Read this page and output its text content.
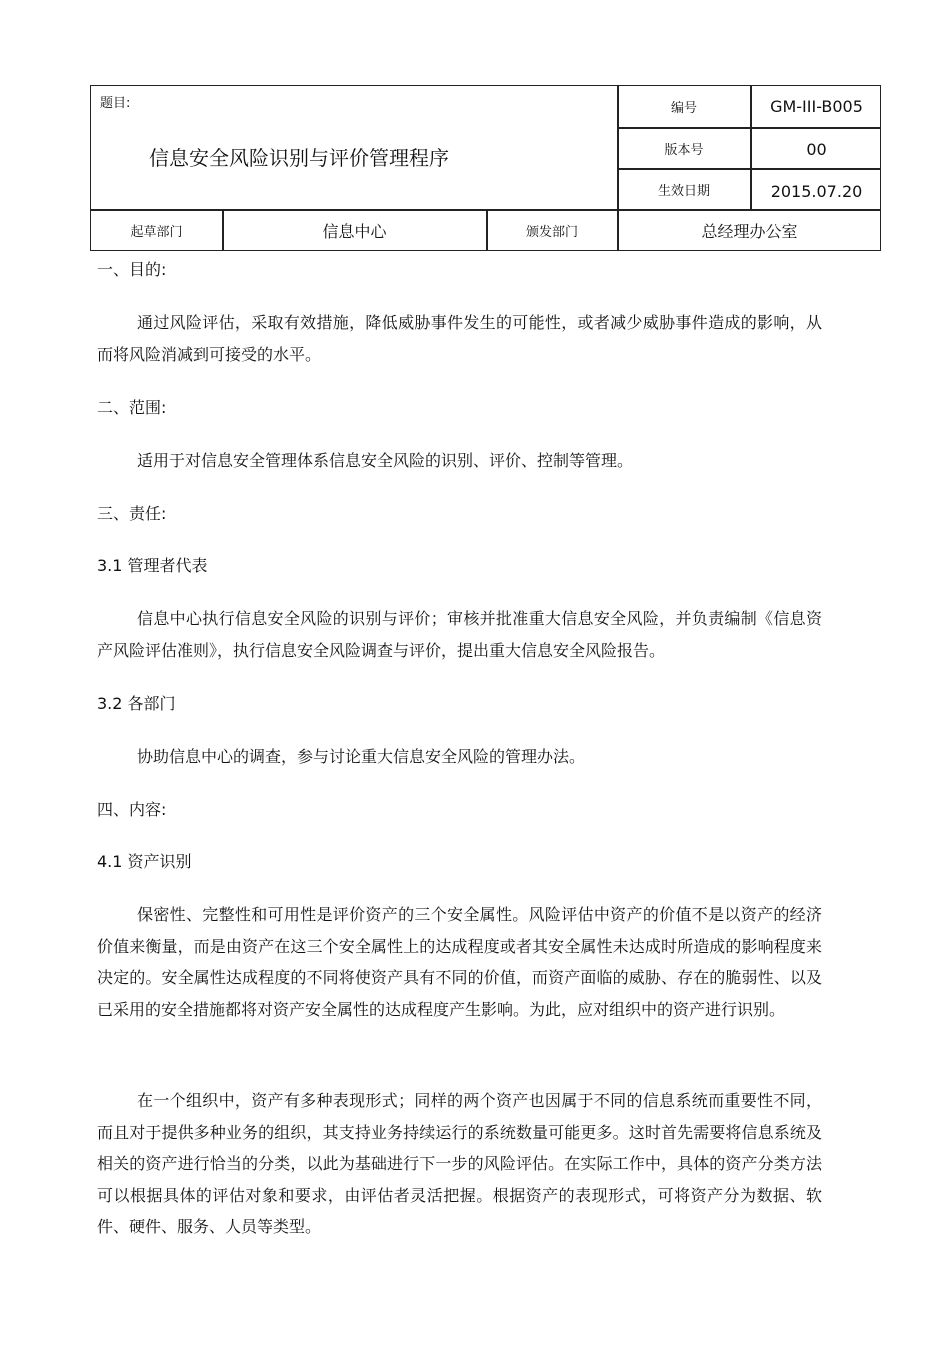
题目:
信息安全风险识别与评价管理程序
编号	GM-III-B005
版本号	00
生效日期	2015.07.20
起草部门	信息中心	颁发部门	总经理办公室
一、目的:
通过风险评估，采取有效措施，降低威胁事件发生的可能性，或者减少威胁事件造成的影响，从而将风险消减到可接受的水平。
二、范围:
适用于对信息安全管理体系信息安全风险的识别、评价、控制等管理。
三、责任:
3.1 管理者代表
信息中心执行信息安全风险的识别与评价；审核并批准重大信息安全风险，并负责编制《信息资产风险评估准则》，执行信息安全风险调查与评价，提出重大信息安全风险报告。
3.2 各部门
协助信息中心的调查，参与讨论重大信息安全风险的管理办法。
四、内容:
4.1 资产识别
保密性、完整性和可用性是评价资产的三个安全属性。风险评估中资产的价值不是以资产的经济价值来衡量，而是由资产在这三个安全属性上的达成程度或者其安全属性未达成时所造成的影响程度来决定的。安全属性达成程度的不同将使资产具有不同的价值，而资产面临的威胁、存在的脆弱性、以及已采用的安全措施都将对资产安全属性的达成程度产生影响。为此，应对组织中的资产进行识别。
在一个组织中，资产有多种表现形式；同样的两个资产也因属于不同的信息系统而重要性不同，而且对于提供多种业务的组织，其支持业务持续运行的系统数量可能更多。这时首先需要将信息系统及相关的资产进行恰当的分类，以此为基础进行下一步的风险评估。在实际工作中，具体的资产分类方法可以根据具体的评估对象和要求，由评估者灵活把握。根据资产的表现形式，可将资产分为数据、软件、硬件、服务、人员等类型。
